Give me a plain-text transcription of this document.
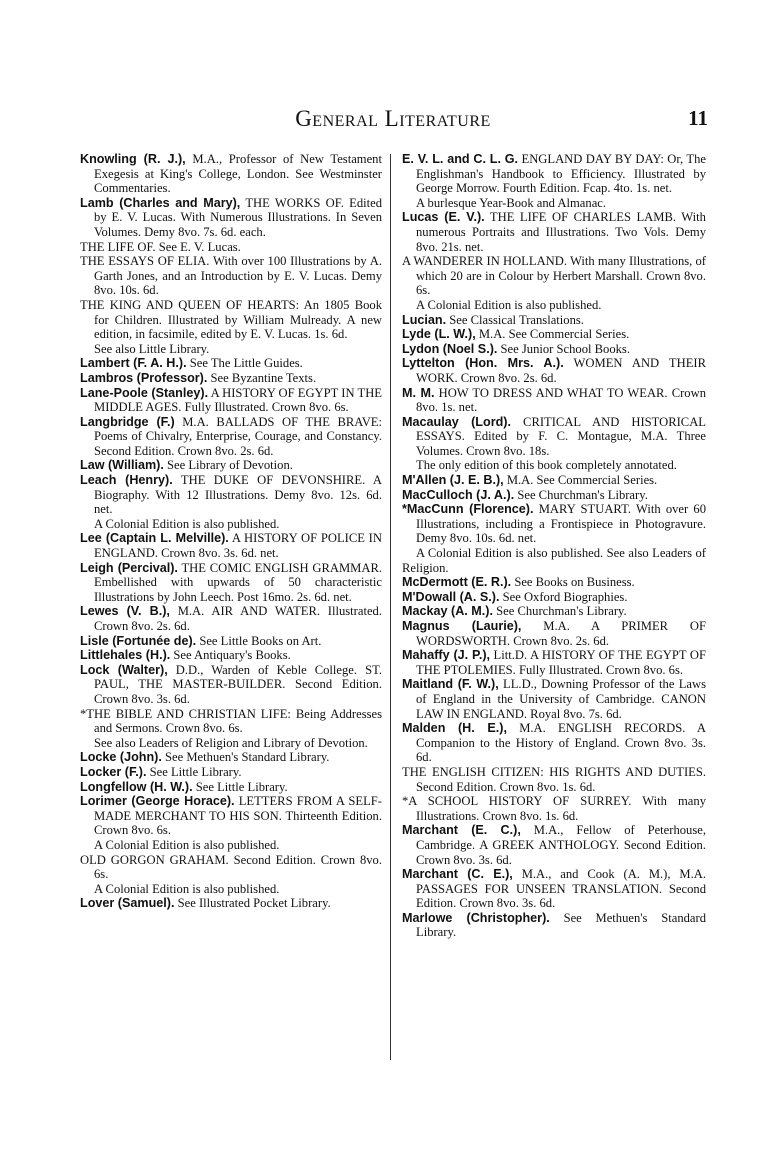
General Literature	11

Knowling (R. J.), M.A., Professor of New Testament Exegesis at King's College, London. See Westminster Commentaries.

Lamb (Charles and Mary), THE WORKS OF. Edited by E. V. Lucas. With Numerous Illustrations. In Seven Volumes. Demy 8vo. 7s. 6d. each.

THE LIFE OF. See E. V. Lucas.

THE ESSAYS OF ELIA. With over 100 Illustrations by A. Garth Jones, and an Introduction by E. V. Lucas. Demy 8vo. 10s. 6d.

THE KING AND QUEEN OF HEARTS: An 1805 Book for Children. Illustrated by William Mulready. A new edition, in facsimile, edited by E. V. Lucas. 1s. 6d.

See also Little Library.

Lambert (F. A. H.). See The Little Guides.

Lambros (Professor). See Byzantine Texts.

Lane-Poole (Stanley). A HISTORY OF EGYPT IN THE MIDDLE AGES. Fully Illustrated. Crown 8vo. 6s.

Langbridge (F.) M.A. BALLADS OF THE BRAVE: Poems of Chivalry, Enterprise, Courage, and Constancy. Second Edition. Crown 8vo. 2s. 6d.

Law (William). See Library of Devotion.

Leach (Henry). THE DUKE OF DEVONSHIRE. A Biography. With 12 Illustrations. Demy 8vo. 12s. 6d. net.

A Colonial Edition is also published.

Lee (Captain L. Melville). A HISTORY OF POLICE IN ENGLAND. Crown 8vo. 3s. 6d. net.

Leigh (Percival). THE COMIC ENGLISH GRAMMAR. Embellished with upwards of 50 characteristic Illustrations by John Leech. Post 16mo. 2s. 6d. net.

Lewes (V. B.), M.A. AIR AND WATER. Illustrated. Crown 8vo. 2s. 6d.

Lisle (Fortunée de). See Little Books on Art.

Littlehales (H.). See Antiquary's Books.

Lock (Walter), D.D., Warden of Keble College. ST. PAUL, THE MASTER-BUILDER. Second Edition. Crown 8vo. 3s. 6d.

*THE BIBLE AND CHRISTIAN LIFE: Being Addresses and Sermons. Crown 8vo. 6s.

See also Leaders of Religion and Library of Devotion.

Locke (John). See Methuen's Standard Library.

Locker (F.). See Little Library.

Longfellow (H. W.). See Little Library.

Lorimer (George Horace). LETTERS FROM A SELF-MADE MERCHANT TO HIS SON. Thirteenth Edition. Crown 8vo. 6s.

A Colonial Edition is also published.

OLD GORGON GRAHAM. Second Edition. Crown 8vo. 6s.

A Colonial Edition is also published.

Lover (Samuel). See Illustrated Pocket Library.

E. V. L. and C. L. G. ENGLAND DAY BY DAY: Or, The Englishman's Handbook to Efficiency. Illustrated by George Morrow. Fourth Edition. Fcap. 4to. 1s. net.

A burlesque Year-Book and Almanac.

Lucas (E. V.). THE LIFE OF CHARLES LAMB. With numerous Portraits and Illustrations. Two Vols. Demy 8vo. 21s. net.

A WANDERER IN HOLLAND. With many Illustrations, of which 20 are in Colour by Herbert Marshall. Crown 8vo. 6s.

A Colonial Edition is also published.

Lucian. See Classical Translations.

Lyde (L. W.), M.A. See Commercial Series.

Lydon (Noel S.). See Junior School Books.

Lyttelton (Hon. Mrs. A.). WOMEN AND THEIR WORK. Crown 8vo. 2s. 6d.

M. M. HOW TO DRESS AND WHAT TO WEAR. Crown 8vo. 1s. net.

Macaulay (Lord). CRITICAL AND HISTORICAL ESSAYS. Edited by F. C. Montague, M.A. Three Volumes. Crown 8vo. 18s.

The only edition of this book completely annotated.

M'Allen (J. E. B.), M.A. See Commercial Series.

MacCulloch (J. A.). See Churchman's Library.

*MacCunn (Florence). MARY STUART. With over 60 Illustrations, including a Frontispiece in Photogravure. Demy 8vo. 10s. 6d. net.

A Colonial Edition is also published. See also Leaders of Religion.

McDermott (E. R.). See Books on Business.

M'Dowall (A. S.). See Oxford Biographies.

Mackay (A. M.). See Churchman's Library.

Magnus (Laurie), M.A. A PRIMER OF WORDSWORTH. Crown 8vo. 2s. 6d.

Mahaffy (J. P.), Litt.D. A HISTORY OF THE EGYPT OF THE PTOLEMIES. Fully Illustrated. Crown 8vo. 6s.

Maitland (F. W.), LL.D., Downing Professor of the Laws of England in the University of Cambridge. CANON LAW IN ENGLAND. Royal 8vo. 7s. 6d.

Malden (H. E.), M.A. ENGLISH RECORDS. A Companion to the History of England. Crown 8vo. 3s. 6d.

THE ENGLISH CITIZEN: HIS RIGHTS AND DUTIES. Second Edition. Crown 8vo. 1s. 6d.

*A SCHOOL HISTORY OF SURREY. With many Illustrations. Crown 8vo. 1s. 6d.

Marchant (E. C.), M.A., Fellow of Peterhouse, Cambridge. A GREEK ANTHOLOGY. Second Edition. Crown 8vo. 3s. 6d.

Marchant (C. E.), M.A., and Cook (A. M.), M.A. PASSAGES FOR UNSEEN TRANSLATION. Second Edition. Crown 8vo. 3s. 6d.

Marlowe (Christopher). See Methuen's Standard Library.
